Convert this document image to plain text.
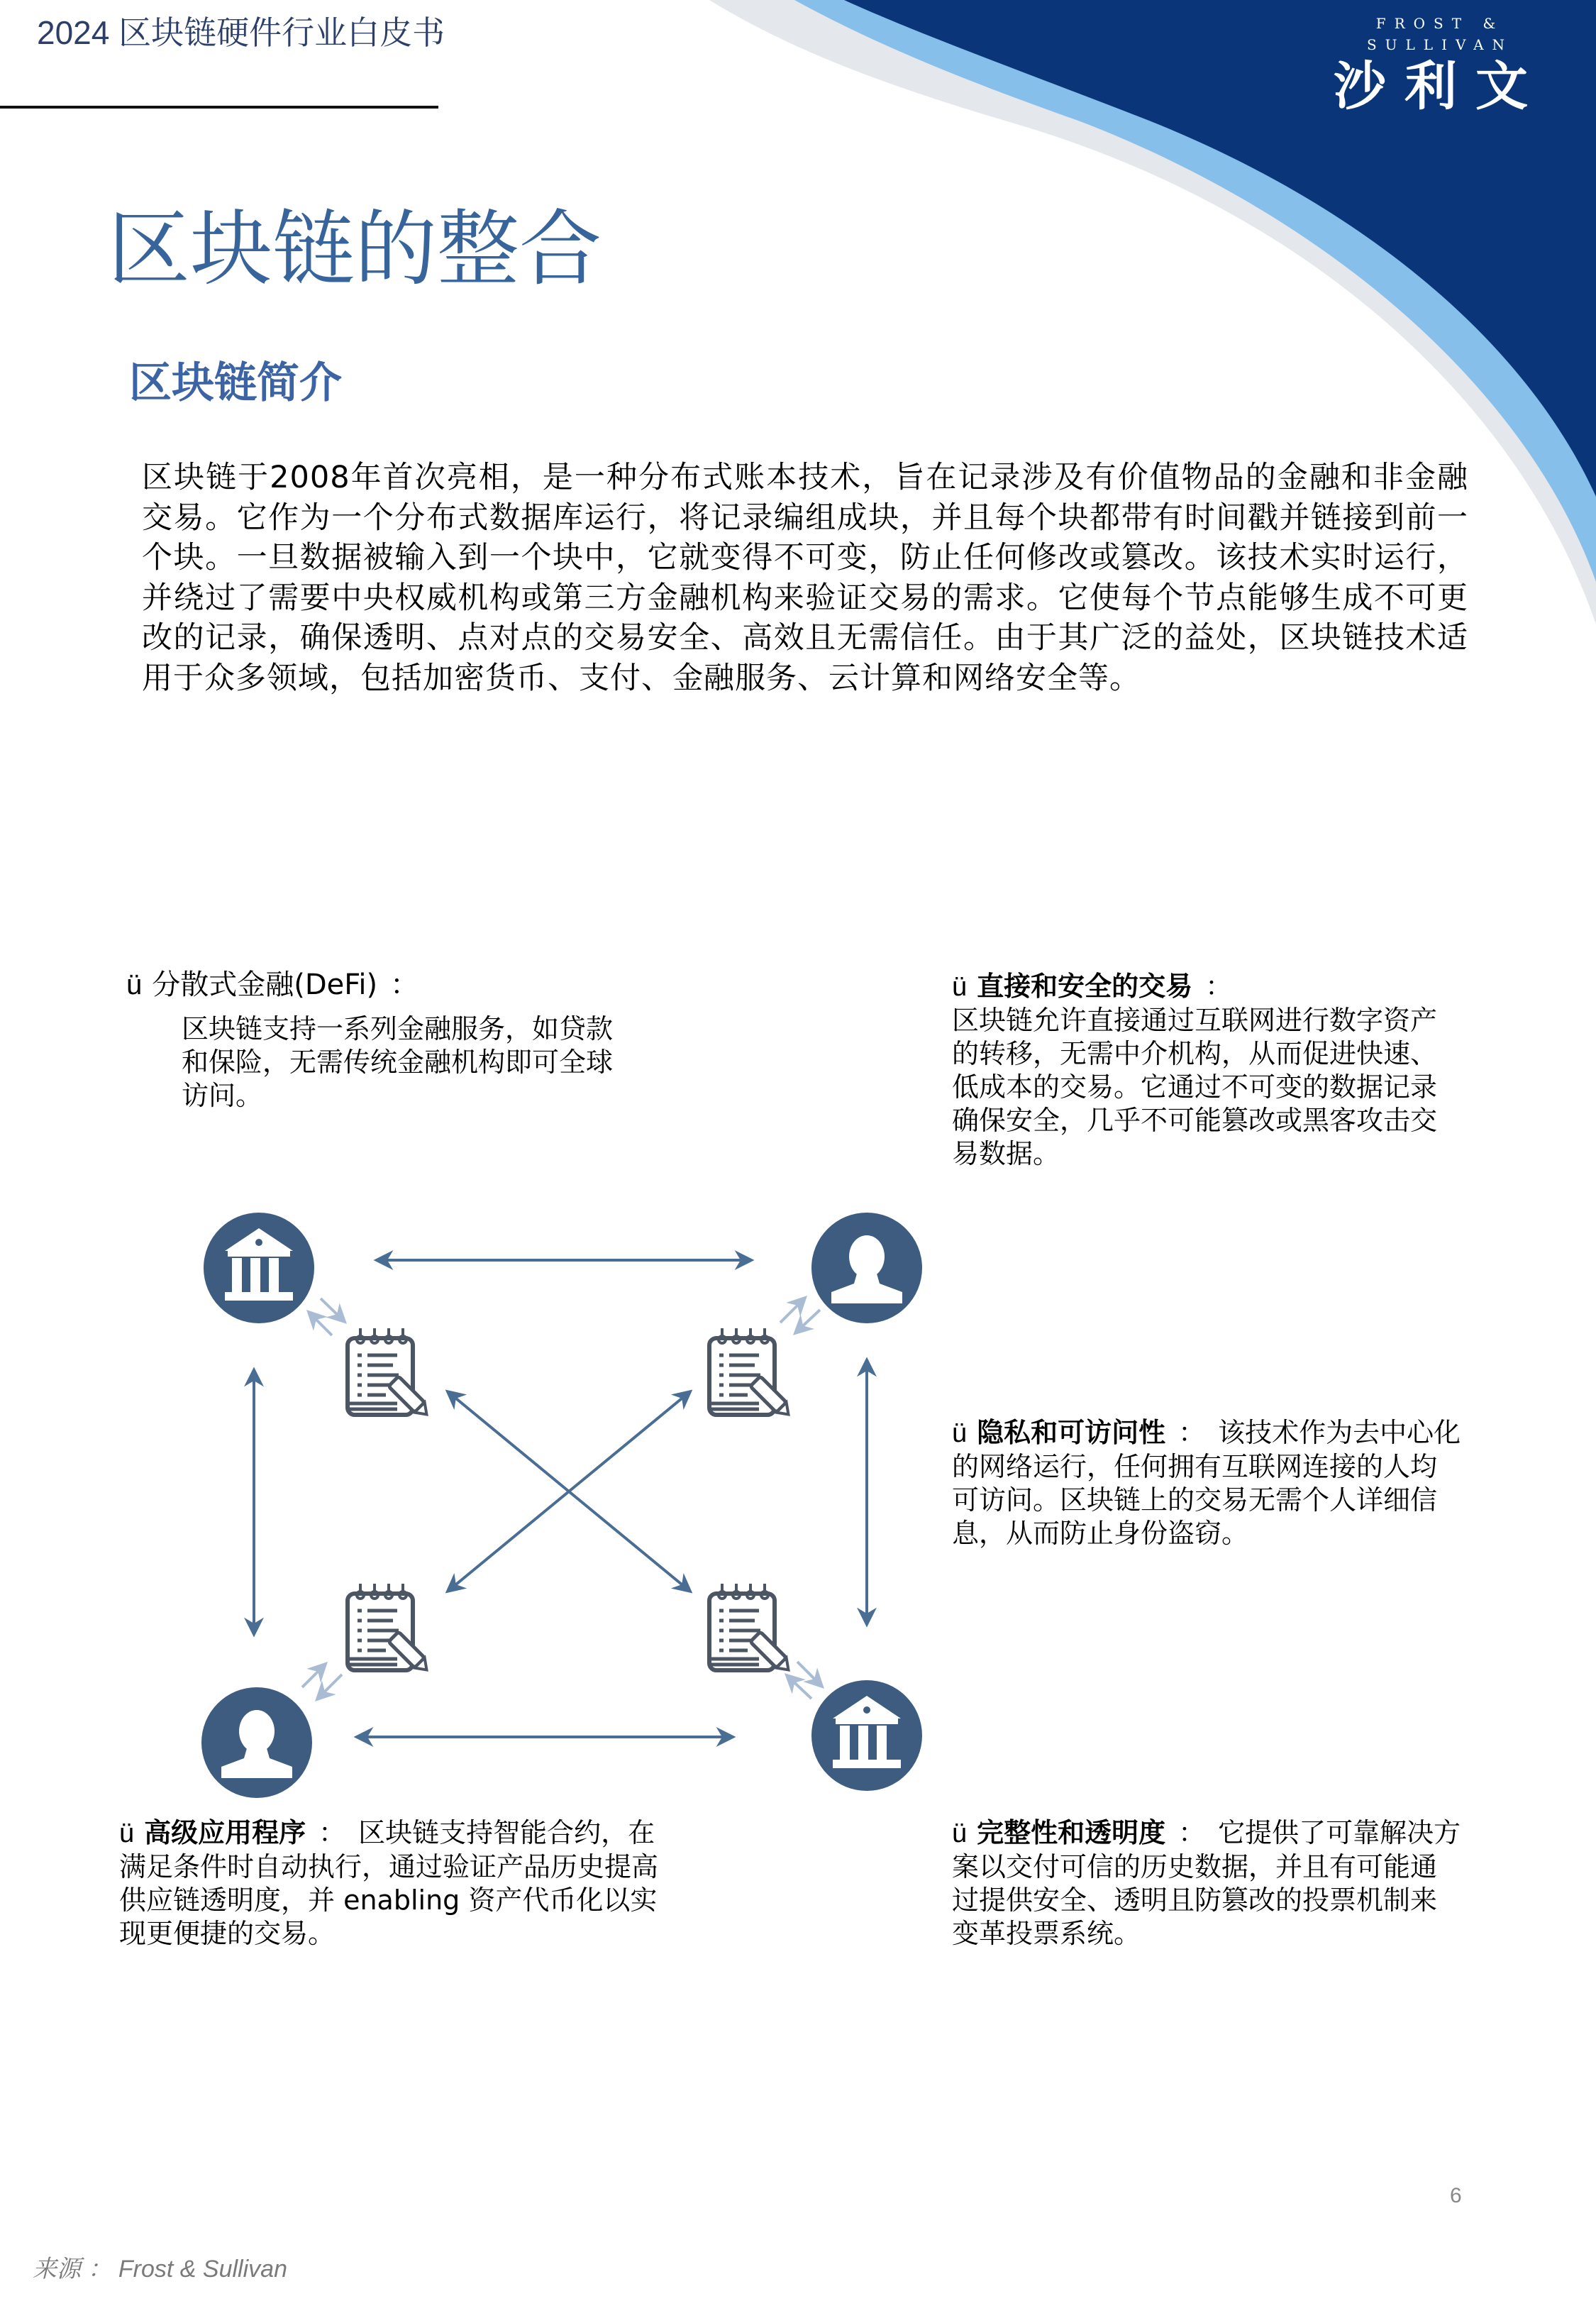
FROST & SULLIVAN
沙利文
2024 区块链硬件行业白皮书
区块链的整合
区块链简介

区块链于2008年首次亮相，是一种分布式账本技术，旨在记录涉及有价值物品的金融和非金融交易。它作为一个分布式数据库运行，将记录编组成块，并且每个块都带有时间戳并链接到前一个块。一旦数据被输入到一个块中，它就变得不可变，防止任何修改或篡改。该技术实时运行，并绕过了需要中央权威机构或第三方金融机构来验证交易的需求。它使每个节点能够生成不可更改的记录，确保透明、点对点的交易安全、高效且无需信任。由于其广泛的益处，区块链技术适用于众多领域，包括加密货币、支付、金融服务、云计算和网络安全等。

ü 分散式金融(DeFi) ：
区块链支持一系列金融服务，如贷款和保险，无需传统金融机构即可全球访问。
ü 直接和安全的交易 ：
区块链允许直接通过互联网进行数字资产的转移，无需中介机构，从而促进快速、低成本的交易。它通过不可变的数据记录确保安全，几乎不可能篡改或黑客攻击交易数据。
ü 隐私和可访问性 ： 该技术作为去中心化的网络运行，任何拥有互联网连接的人均可访问。区块链上的交易无需个人详细信息，从而防止身份盗窃。
ü 高级应用程序 ： 区块链支持智能合约，在满足条件时自动执行，通过验证产品历史提高供应链透明度，并 enabling 资产代币化以实现更便捷的交易。
ü 完整性和透明度 ： 它提供了可靠解决方案以交付可信的历史数据，并且有可能通过提供安全、透明且防篡改的投票机制来变革投票系统。
6
来源 ： Frost & Sullivan
